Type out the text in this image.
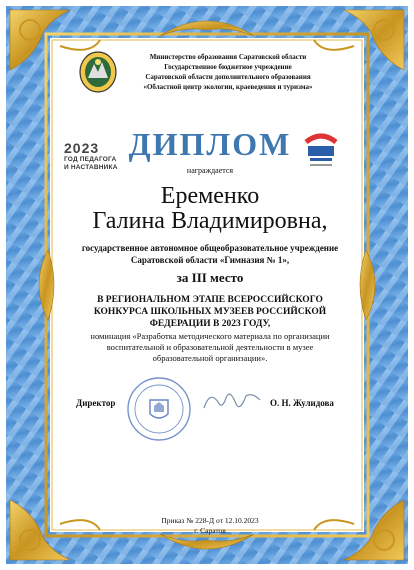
Министерство образования Саратовской области
Государственное бюджетное учреждение
Саратовской области дополнительного образования
«Областной центр экологии, краеведения и туризма»
2023
ГОД ПЕДАГОГА
И НАСТАВНИКА
ДИПЛОМ
награждается
Еременко
Галина Владимировна,
государственное автономное общеобразовательное учреждение Саратовской области «Гимназия № 1»,
за III место
В РЕГИОНАЛЬНОМ ЭТАПЕ ВСЕРОССИЙСКОГО КОНКУРСА ШКОЛЬНЫХ МУЗЕЕВ РОССИЙСКОЙ ФЕДЕРАЦИИ В 2023 ГОДУ,
номинация «Разработка методического материала по организации воспитательной и образовательной деятельности в музее образовательной организации».
Директор	О. Н. Жулидова
Приказ № 228-Д от 12.10.2023
г. Саратов
